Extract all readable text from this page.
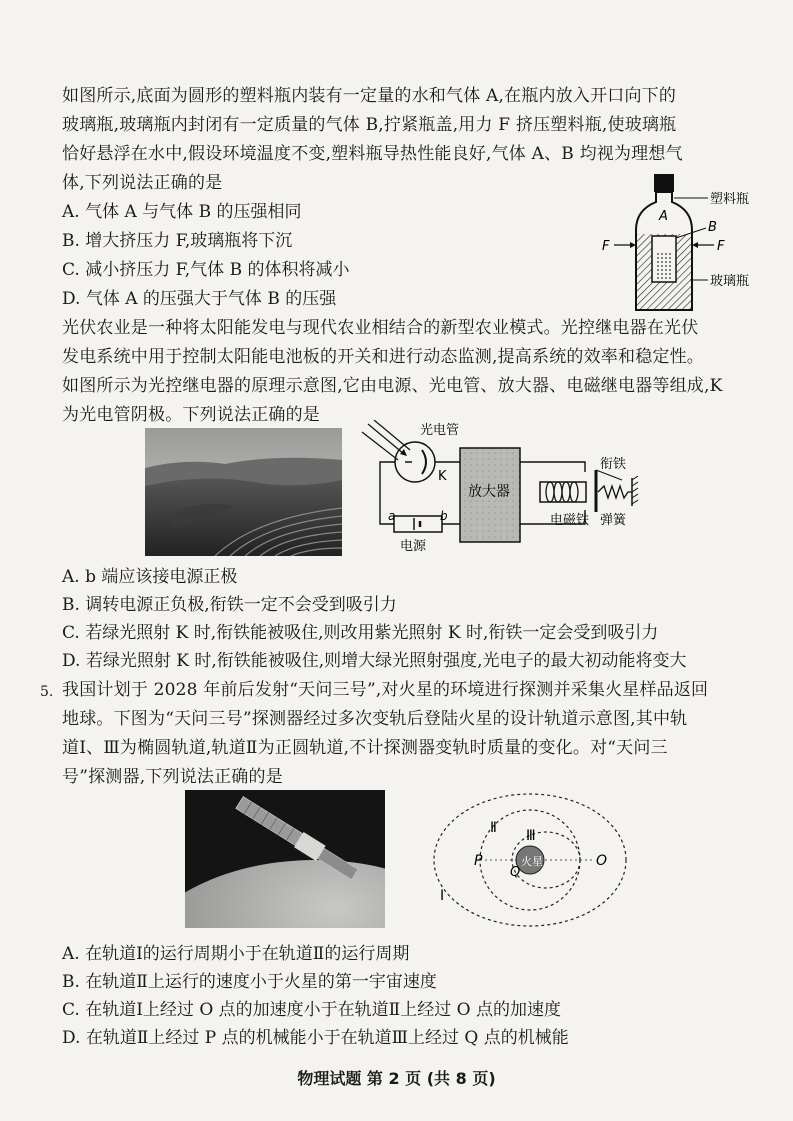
如图所示,底面为圆形的塑料瓶内装有一定量的水和气体 A,在瓶内放入开口向下的
玻璃瓶,玻璃瓶内封闭有一定质量的气体 B,拧紧瓶盖,用力 F 挤压塑料瓶,使玻璃瓶
恰好悬浮在水中,假设环境温度不变,塑料瓶导热性能良好,气体 A、B 均视为理想气
体,下列说法正确的是
A. 气体 A 与气体 B 的压强相同
B. 增大挤压力 F,玻璃瓶将下沉
C. 减小挤压力 F,气体 B 的体积将减小
D. 气体 A 的压强大于气体 B 的压强
塑料瓶
A
B
F	F
玻璃瓶
光伏农业是一种将太阳能发电与现代农业相结合的新型农业模式。光控继电器在光伏
发电系统中用于控制太阳能电池板的开关和进行动态监测,提高系统的效率和稳定性。
如图所示为光控继电器的原理示意图,它由电源、光电管、放大器、电磁继电器等组成,K
为光电管阴极。下列说法正确的是
光电管
K
放大器
a	b
电源
衔铁
电磁铁 弹簧
A. b 端应该接电源正极
B. 调转电源正负极,衔铁一定不会受到吸引力
C. 若绿光照射 K 时,衔铁能被吸住,则改用紫光照射 K 时,衔铁一定会受到吸引力
D. 若绿光照射 K 时,衔铁能被吸住,则增大绿光照射强度,光电子的最大初动能将变大
5. 我国计划于 2028 年前后发射“天问三号”,对火星的环境进行探测并采集火星样品返回
地球。下图为“天问三号”探测器经过多次变轨后登陆火星的设计轨道示意图,其中轨
道Ⅰ、Ⅲ为椭圆轨道,轨道Ⅱ为正圆轨道,不计探测器变轨时质量的变化。对“天问三
号”探测器,下列说法正确的是
火星
Ⅰ
Ⅱ Ⅲ
P
Q
O
A. 在轨道Ⅰ的运行周期小于在轨道Ⅱ的运行周期
B. 在轨道Ⅱ上运行的速度小于火星的第一宇宙速度
C. 在轨道Ⅰ上经过 O 点的加速度小于在轨道Ⅱ上经过 O 点的加速度
D. 在轨道Ⅱ上经过 P 点的机械能小于在轨道Ⅲ上经过 Q 点的机械能
物理试题 第 2 页 (共 8 页)
